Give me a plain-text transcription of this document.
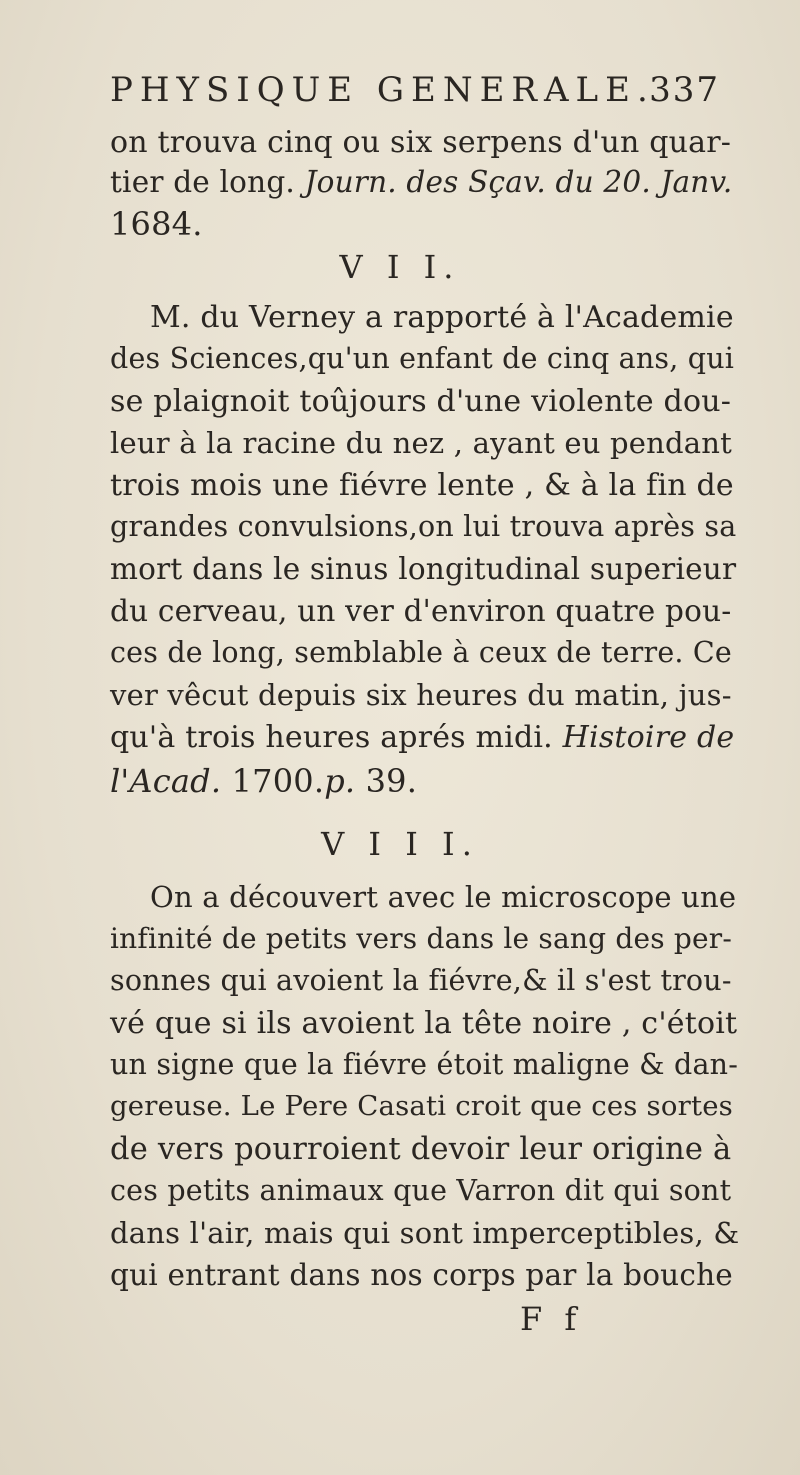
PHYSIQUE GENERALE.
337
on trouva cinq ou six serpens d'un quar-
tier de long. Journ. des Sçav. du 20. Janv.
1684.
V I I.
M. du Verney a rapporté à l'Academie
des Sciences,qu'un enfant de cinq ans, qui
se plaignoit toûjours d'une violente dou-
leur à la racine du nez , ayant eu pendant
trois mois une fiévre lente , & à la fin de
grandes convulsions,on lui trouva après sa
mort dans le sinus longitudinal superieur
du cerveau, un ver d'environ quatre pou-
ces de long, semblable à ceux de terre. Ce
ver vêcut depuis six heures du matin, jus-
qu'à trois heures aprés midi. Histoire de
l'Acad. 1700.p. 39.
V I I I.
On a découvert avec le microscope une
infinité de petits vers dans le sang des per-
sonnes qui avoient la fiévre,& il s'est trou-
vé que si ils avoient la tête noire , c'étoit
un signe que la fiévre étoit maligne & dan-
gereuse. Le Pere Casati croit que ces sortes
de vers pourroient devoir leur origine à
ces petits animaux que Varron dit qui sont
dans l'air, mais qui sont imperceptibles, &
qui entrant dans nos corps par la bouche
F f
